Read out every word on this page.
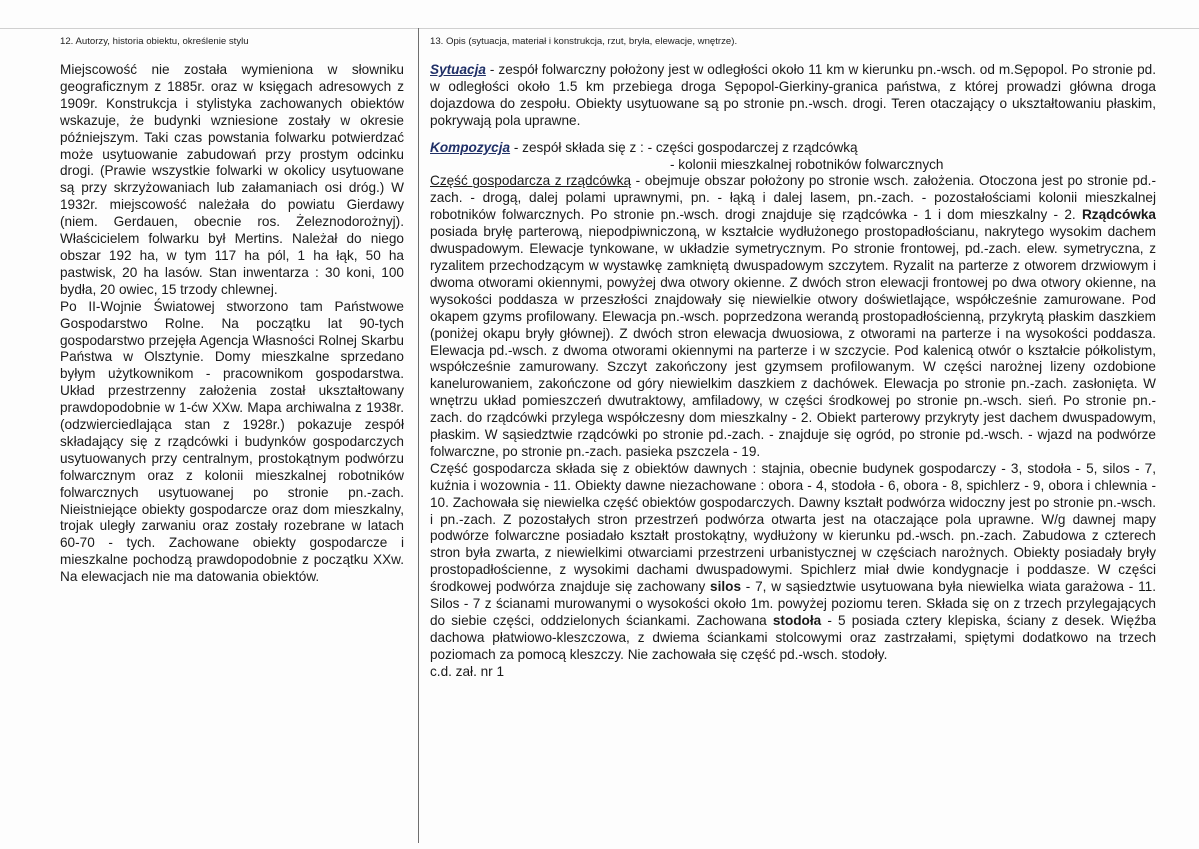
12. Autorzy, historia obiektu, określenie stylu

Miejscowość nie została wymieniona w słowniku geograficznym z 1885r. oraz w księgach adresowych z 1909r. Konstrukcja i stylistyka zachowanych obiektów wskazuje, że budynki wzniesione zostały w okresie późniejszym. Taki czas powstania folwarku potwierdzać może usytuowanie zabudowań przy prostym odcinku drogi. (Prawie wszystkie folwarki w okolicy usytuowane są przy skrzyżowaniach lub załamaniach osi dróg.) W 1932r. miejscowość należała do powiatu Gierdawy (niem. Gerdauen, obecnie ros. Żeleznodorożnyj). Właścicielem folwarku był Mertins. Należał do niego obszar 192 ha, w tym 117 ha pól, 1 ha łąk, 50 ha pastwisk, 20 ha lasów. Stan inwentarza : 30 koni, 100 bydła, 20 owiec, 15 trzody chlewnej.

Po II-Wojnie Światowej stworzono tam Państwowe Gospodarstwo Rolne. Na początku lat 90-tych gospodarstwo przejęła Agencja Własności Rolnej Skarbu Państwa w Olsztynie. Domy mieszkalne sprzedano byłym użytkownikom - pracownikom gospodarstwa. Układ przestrzenny założenia został ukształtowany prawdopodobnie w 1-ćw XXw. Mapa archiwalna z 1938r. (odzwierciedlająca stan z 1928r.) pokazuje zespół składający się z rządcówki i budynków gospodarczych usytuowanych przy centralnym, prostokątnym podwórzu folwarcznym oraz z kolonii mieszkalnej robotników folwarcznych usytuowanej po stronie pn.-zach. Nieistniejące obiekty gospodarcze oraz dom mieszkalny, trojak uległy zarwaniu oraz zostały rozebrane w latach 60-70 - tych. Zachowane obiekty gospodarcze i mieszkalne pochodzą prawdopodobnie z początku XXw. Na elewacjach nie ma datowania obiektów.

13. Opis (sytuacja, materiał i konstrukcja, rzut, bryła, elewacje, wnętrze).

Sytuacja - zespół folwarczny położony jest w odległości około 11 km w kierunku pn.-wsch. od m.Sępopol. Po stronie pd. w odległości około 1.5 km przebiega droga Sępopol-Gierkiny-granica państwa, z której prowadzi główna droga dojazdowa do zespołu. Obiekty usytuowane są po stronie pn.-wsch. drogi. Teren otaczający o ukształtowaniu płaskim, pokrywają pola uprawne.

Kompozycja - zespół składa się z : - części gospodarczej z rządcówką

- kolonii mieszkalnej robotników folwarcznych

Część gospodarcza z rządcówką - obejmuje obszar położony po stronie wsch. założenia. Otoczona jest po stronie pd.-zach. - drogą, dalej polami uprawnymi, pn. - łąką i dalej lasem, pn.-zach. - pozostałościami kolonii mieszkalnej robotników folwarcznych. Po stronie pn.-wsch. drogi znajduje się rządcówka - 1 i dom mieszkalny - 2. Rządcówka posiada bryłę parterową, niepodpiwniczoną, w kształcie wydłużonego prostopadłościanu, nakrytego wysokim dachem dwuspadowym. Elewacje tynkowane, w układzie symetrycznym. Po stronie frontowej, pd.-zach. elew. symetryczna, z ryzalitem przechodzącym w wystawkę zamkniętą dwuspadowym szczytem. Ryzalit na parterze z otworem drzwiowym i dwoma otworami okiennymi, powyżej dwa otwory okienne. Z dwóch stron elewacji frontowej po dwa otwory okienne, na wysokości poddasza w przeszłości znajdowały się niewielkie otwory doświetlające, współcześnie zamurowane. Pod okapem gzyms profilowany. Elewacja pn.-wsch. poprzedzona werandą prostopadłościenną, przykrytą płaskim daszkiem (poniżej okapu bryły głównej). Z dwóch stron elewacja dwuosiowa, z otworami na parterze i na wysokości poddasza. Elewacja pd.-wsch. z dwoma otworami okiennymi na parterze i w szczycie. Pod kalenicą otwór o kształcie półkolistym, współcześnie zamurowany. Szczyt zakończony jest gzymsem profilowanym. W części narożnej lizeny ozdobione kanelurowaniem, zakończone od góry niewielkim daszkiem z dachówek. Elewacja po stronie pn.-zach. zasłonięta. W wnętrzu układ pomieszczeń dwutraktowy, amfiladowy, w części środkowej po stronie pn.-wsch. sień. Po stronie pn.-zach. do rządcówki przylega współczesny dom mieszkalny - 2. Obiekt parterowy przykryty jest dachem dwuspadowym, płaskim. W sąsiedztwie rządcówki po stronie pd.-zach. - znajduje się ogród, po stronie pd.-wsch. - wjazd na podwórze folwarczne, po stronie pn.-zach. pasieka pszczela - 19.

Część gospodarcza składa się z obiektów dawnych : stajnia, obecnie budynek gospodarczy - 3, stodoła - 5, silos - 7, kuźnia i wozownia - 11. Obiekty dawne niezachowane : obora - 4, stodoła - 6, obora - 8, spichlerz - 9, obora i chlewnia - 10. Zachowała się niewielka część obiektów gospodarczych. Dawny kształt podwórza widoczny jest po stronie pn.-wsch. i pn.-zach. Z pozostałych stron przestrzeń podwórza otwarta jest na otaczające pola uprawne. W/g dawnej mapy podwórze folwarczne posiadało kształt prostokątny, wydłużony w kierunku pd.-wsch. pn.-zach. Zabudowa z czterech stron była zwarta, z niewielkimi otwarciami przestrzeni urbanistycznej w częściach narożnych. Obiekty posiadały bryły prostopadłościenne, z wysokimi dachami dwuspadowymi. Spichlerz miał dwie kondygnacje i poddasze. W części środkowej podwórza znajduje się zachowany silos - 7, w sąsiedztwie usytuowana była niewielka wiata garażowa - 11. Silos - 7 z ścianami murowanymi o wysokości około 1m. powyżej poziomu teren. Składa się on z trzech przylegających do siebie części, oddzielonych ściankami. Zachowana stodoła - 5 posiada cztery klepiska, ściany z desek. Więźba dachowa płatwiowo-kleszczowa, z dwiema ściankami stolcowymi oraz zastrzałami, spiętymi dodatkowo na trzech poziomach za pomocą kleszczy. Nie zachowała się część pd.-wsch. stodoły.

c.d. zał. nr 1
